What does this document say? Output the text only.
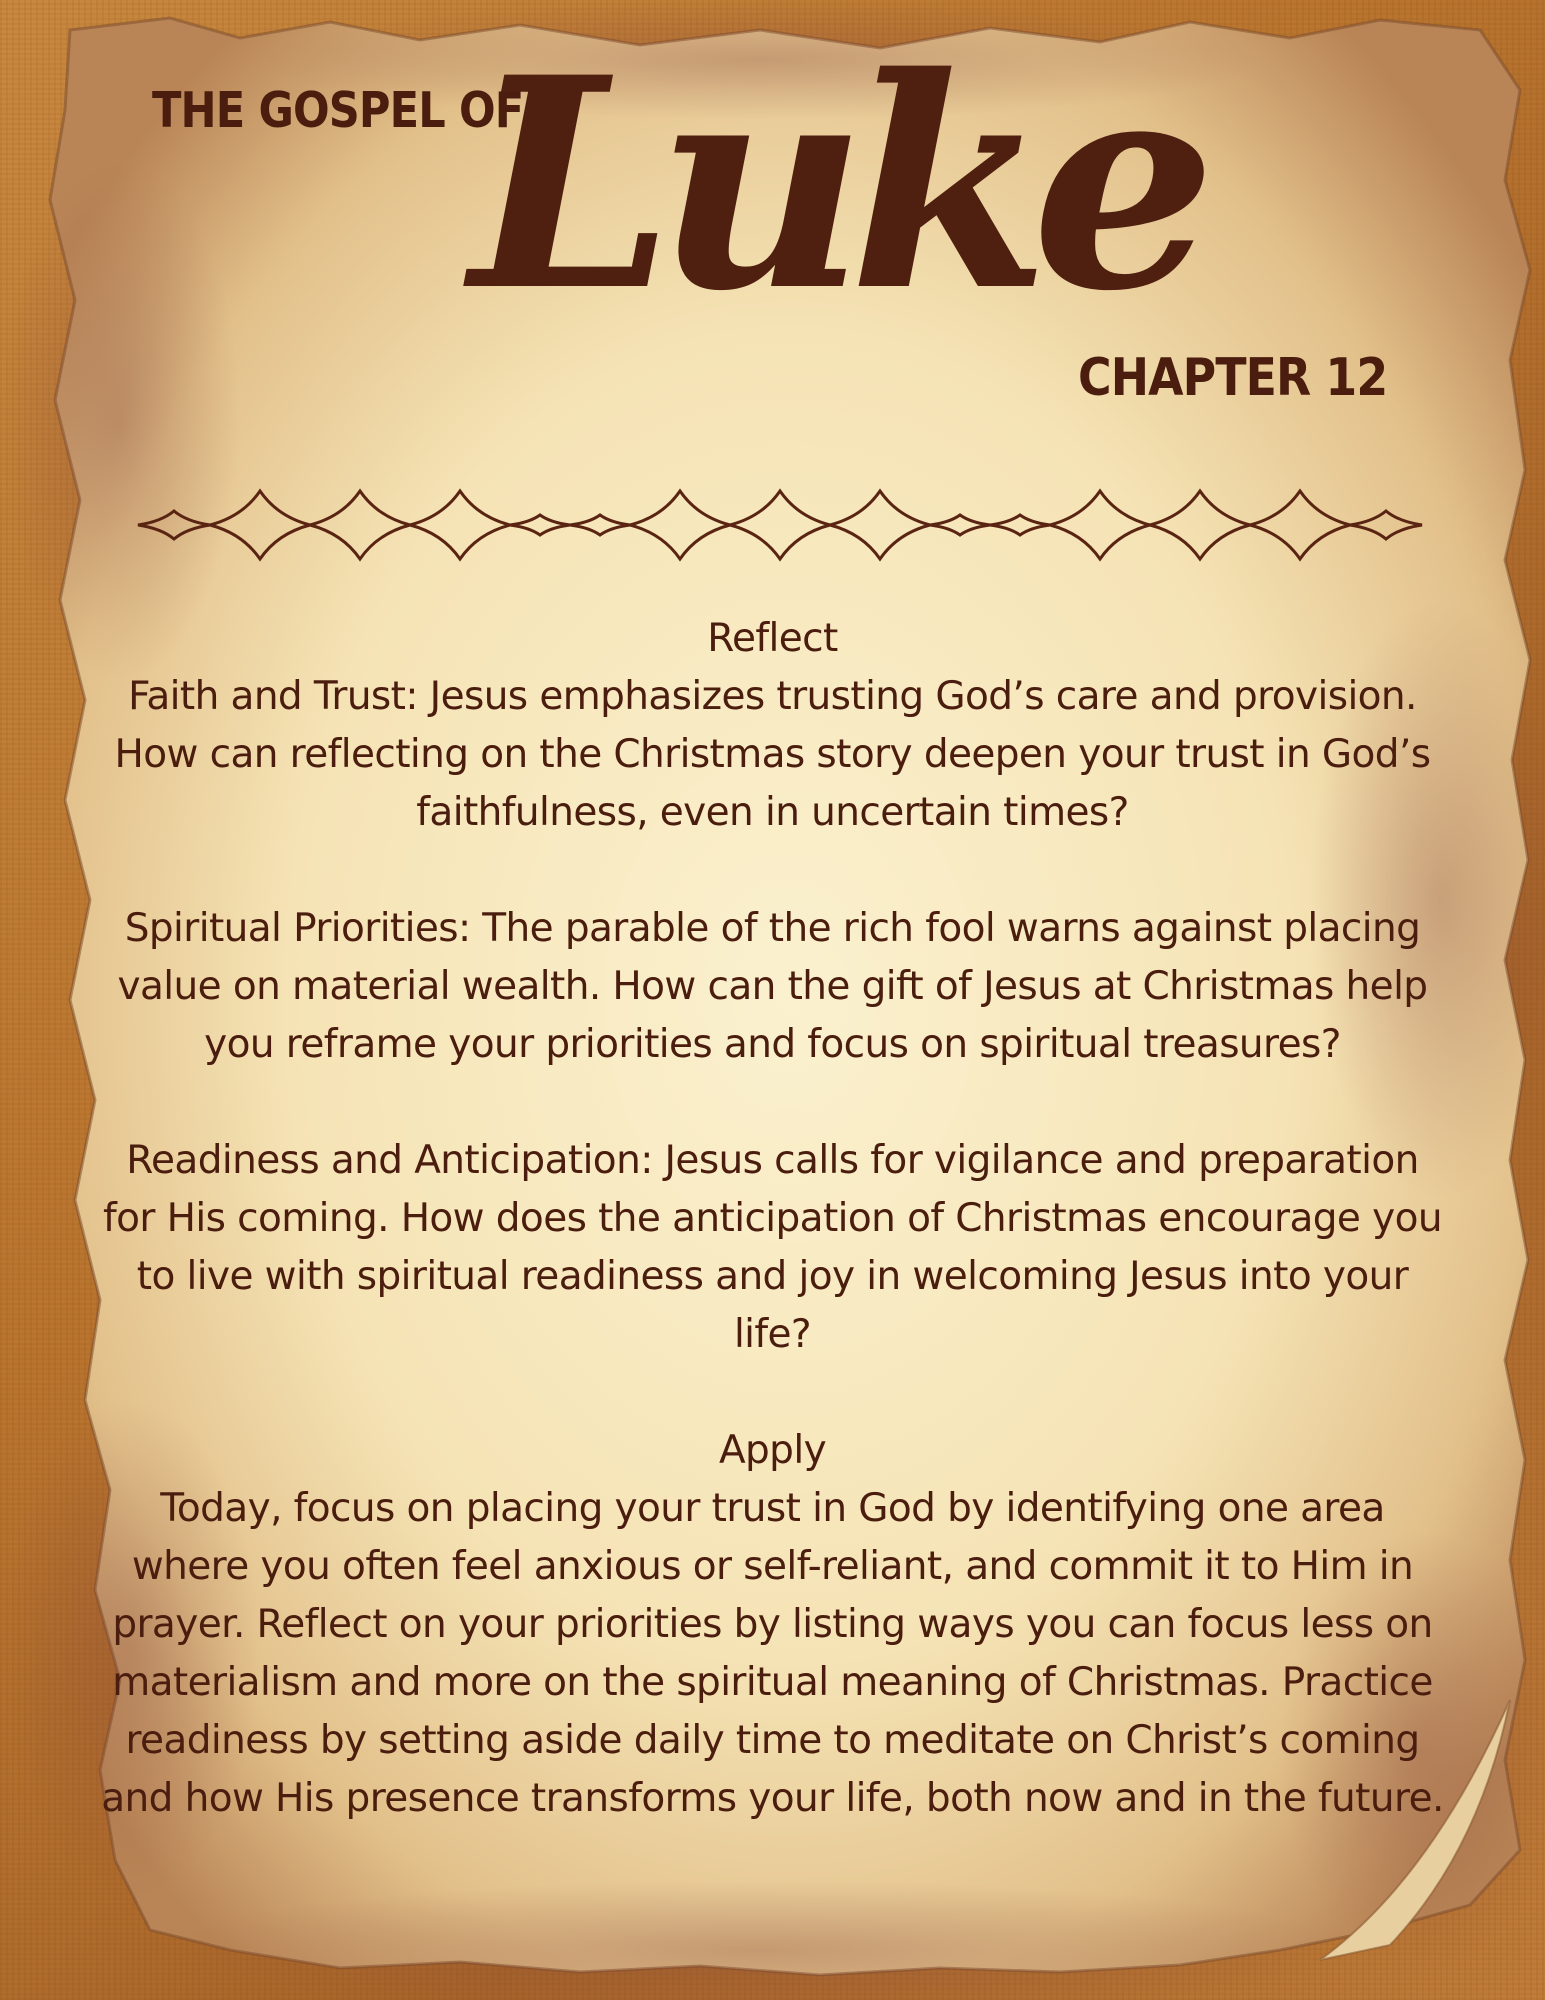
THE GOSPEL OF
Luke
CHAPTER 12
Reflect

Faith and Trust: Jesus emphasizes trusting God’s care and provision.

How can reflecting on the Christmas story deepen your trust in God’s

faithfulness, even in uncertain times?

Spiritual Priorities: The parable of the rich fool warns against placing

value on material wealth. How can the gift of Jesus at Christmas help

you reframe your priorities and focus on spiritual treasures?

Readiness and Anticipation: Jesus calls for vigilance and preparation

for His coming. How does the anticipation of Christmas encourage you

to live with spiritual readiness and joy in welcoming Jesus into your

life?

Apply

Today, focus on placing your trust in God by identifying one area

where you often feel anxious or self-reliant, and commit it to Him in

prayer. Reflect on your priorities by listing ways you can focus less on

materialism and more on the spiritual meaning of Christmas. Practice

readiness by setting aside daily time to meditate on Christ’s coming

and how His presence transforms your life, both now and in the future.
